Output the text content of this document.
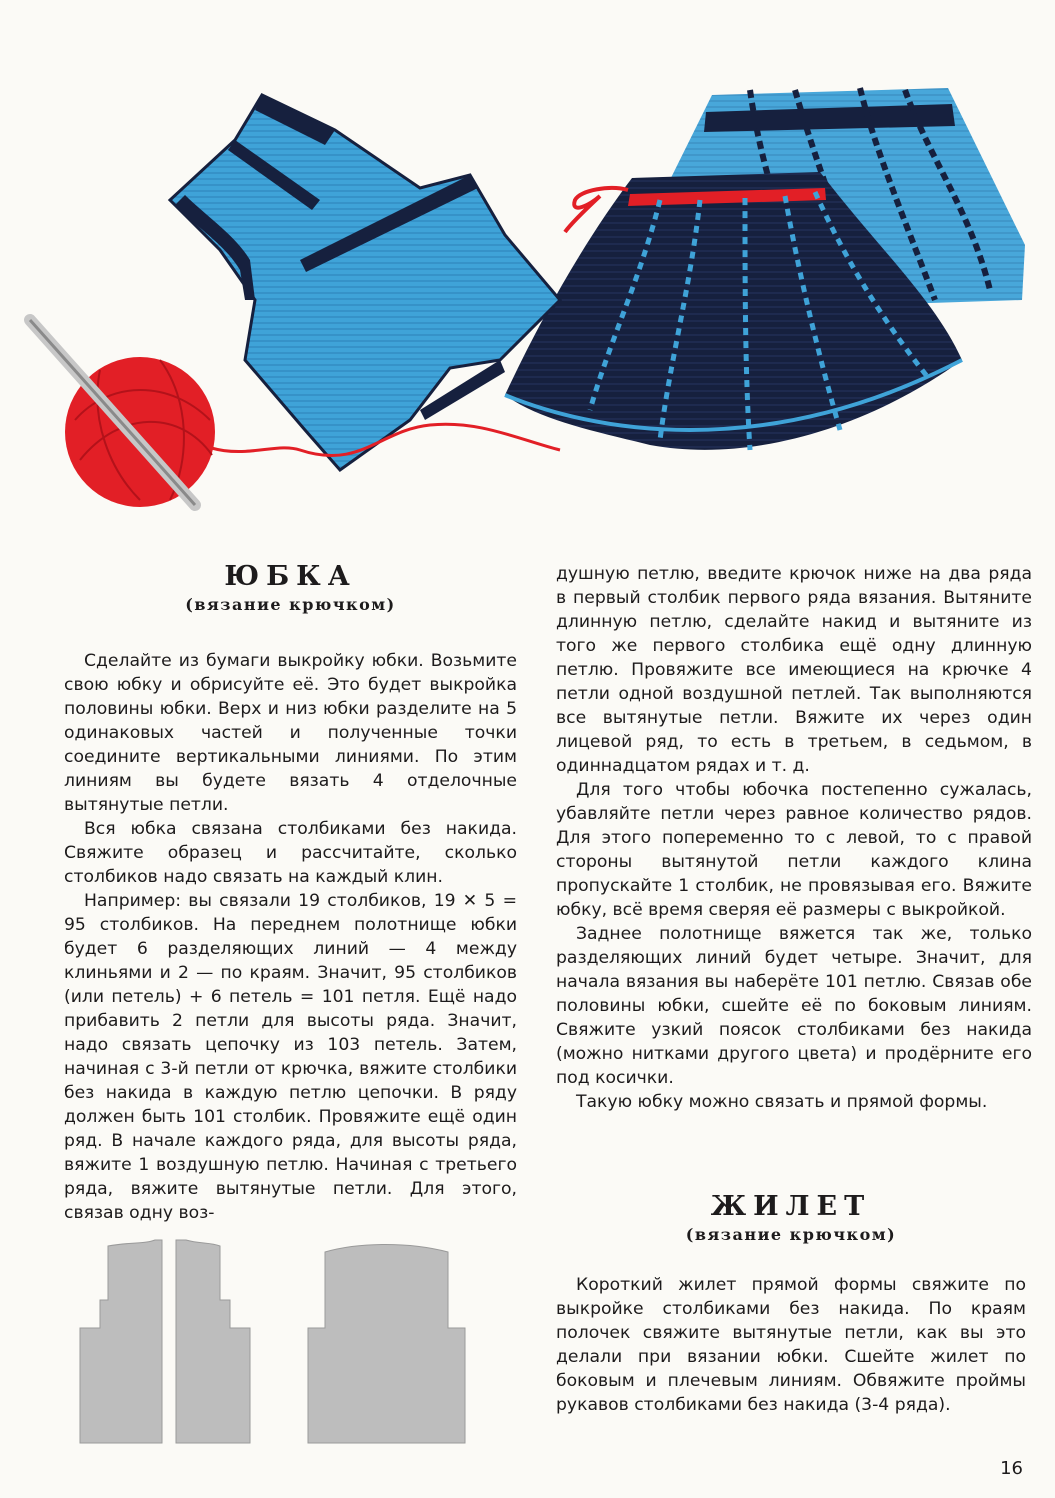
ЮБКА
(вязание крючком)

Сделайте из бумаги выкройку юбки. Возьмите свою юбку и обрисуйте её. Это будет выкройка половины юбки. Верх и низ юбки разделите на 5 одинаковых частей и полученные точки соедините вертикальными линиями. По этим линиям вы будете вязать 4 отделочные вытянутые петли.

Вся юбка связана столбиками без накида. Свяжите образец и рассчитайте, сколько столбиков надо связать на каждый клин.

Например: вы связали 19 столбиков, 19 ✕ 5 = 95 столбиков. На переднем полотнище юбки будет 6 разделяющих линий — 4 между клиньями и 2 — по краям. Значит, 95 столбиков (или петель) + 6 петель = 101 петля. Ещё надо прибавить 2 петли для высоты ряда. Значит, надо связать цепочку из 103 петель. Затем, начиная с 3-й петли от крючка, вяжите столбики без накида в каждую петлю цепочки. В ряду должен быть 101 столбик. Провяжите ещё один ряд. В начале каждого ряда, для высоты ряда, вяжите 1 воздушную петлю. Начиная с третьего ряда, вяжите вытянутые петли. Для этого, связав одну воз-

душную петлю, введите крючок ниже на два ряда в первый столбик первого ряда вязания. Вытяните длинную петлю, сделайте накид и вытяните из того же первого столбика ещё одну длинную петлю. Провяжите все имеющиеся на крючке 4 петли одной воздушной петлей. Так выполняются все вытянутые петли. Вяжите их через один лицевой ряд, то есть в третьем, в седьмом, в одиннадцатом рядах и т. д.

Для того чтобы юбочка постепенно сужалась, убавляйте петли через равное количество рядов. Для этого попеременно то с левой, то с правой стороны вытянутой петли каждого клина пропускайте 1 столбик, не провязывая его. Вяжите юбку, всё время сверяя её размеры с выкройкой.

Заднее полотнище вяжется так же, только разделяющих линий будет четыре. Значит, для начала вязания вы наберёте 101 петлю. Связав обе половины юбки, сшейте её по боковым линиям. Свяжите узкий поясок столбиками без накида (можно нитками другого цвета) и продёрните его под косички.

Такую юбку можно связать и прямой формы.

ЖИЛЕТ
(вязание крючком)

Короткий жилет прямой формы свяжите по выкройке столбиками без накида. По краям полочек свяжите вытянутые петли, как вы это делали при вязании юбки. Сшейте жилет по боковым и плечевым линиям. Обвяжите проймы рукавов столбиками без накида (3-4 ряда).

16
